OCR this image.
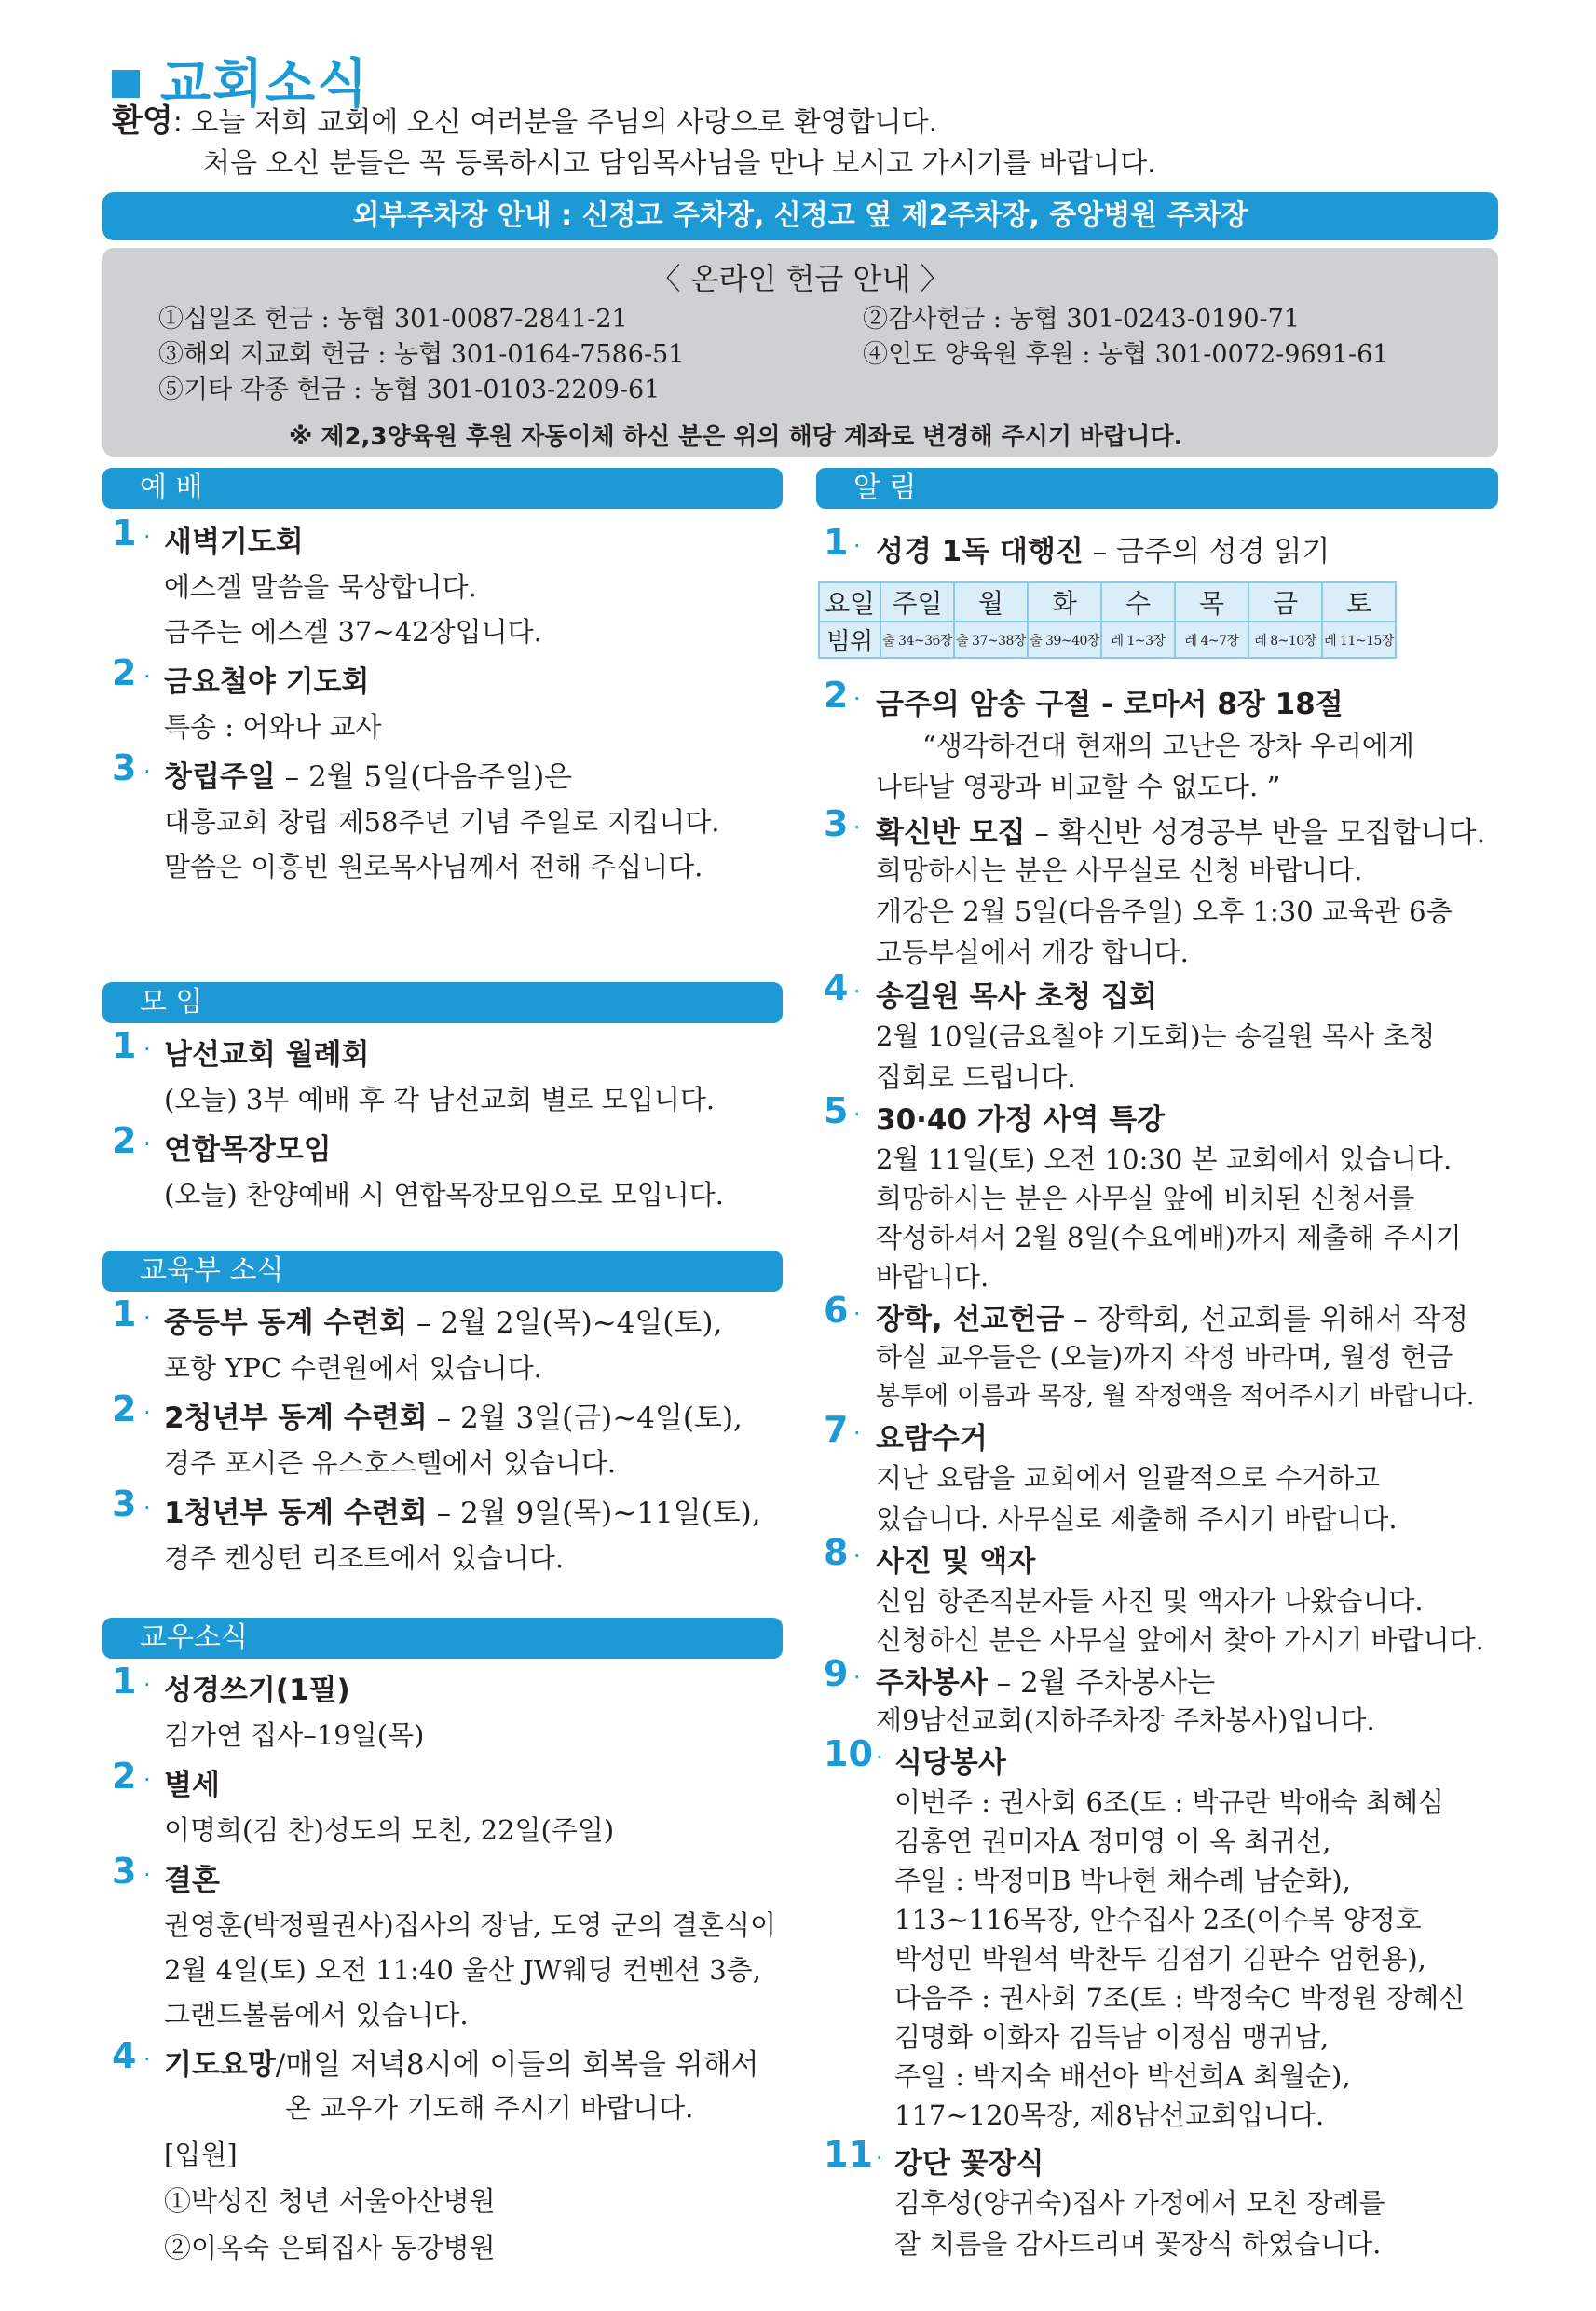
교회소식
환영: 오늘 저희 교회에 오신 여러분을 주님의 사랑으로 환영합니다.
처음 오신 분들은 꼭 등록하시고 담임목사님을 만나 보시고 가시기를 바랍니다.
외부주차장 안내 : 신정고 주차장, 신정고 옆 제2주차장, 중앙병원 주차장
〈 온라인 헌금 안내 〉
①십일조 헌금 : 농협 301-0087-2841-21	②감사헌금 : 농협 301-0243-0190-71
③해외 지교회 헌금 : 농협 301-0164-7586-51	④인도 양육원 후원 : 농협 301-0072-9691-61
⑤기타 각종 헌금 : 농협 301-0103-2209-61
※ 제2,3양육원 후원 자동이체 하신 분은 위의 해당 계좌로 변경해 주시기 바랍니다.
예 배
1 · 새벽기도회
에스겔 말씀을 묵상합니다.
금주는 에스겔 37~42장입니다.
2 · 금요철야 기도회
특송 : 어와나 교사
3 · 창립주일 – 2월 5일(다음주일)은
대흥교회 창립 제58주년 기념 주일로 지킵니다.
말씀은 이흥빈 원로목사님께서 전해 주십니다.
모 임
1 · 남선교회 월례회
(오늘) 3부 예배 후 각 남선교회 별로 모입니다.
2 · 연합목장모임
(오늘) 찬양예배 시 연합목장모임으로 모입니다.
교육부 소식
1 · 중등부 동계 수련회 – 2월 2일(목)~4일(토),
포항 YPC 수련원에서 있습니다.
2 · 2청년부 동계 수련회 – 2월 3일(금)~4일(토),
경주 포시즌 유스호스텔에서 있습니다.
3 · 1청년부 동계 수련회 – 2월 9일(목)~11일(토),
경주 켄싱턴 리조트에서 있습니다.
교우소식
1 · 성경쓰기(1필)
김가연 집사–19일(목)
2 · 별세
이명희(김 찬)성도의 모친, 22일(주일)
3 · 결혼
권영훈(박정필권사)집사의 장남, 도영 군의 결혼식이
2월 4일(토) 오전 11:40 울산 JW웨딩 컨벤션 3층,
그랜드볼룸에서 있습니다.
4 · 기도요망/매일 저녁8시에 이들의 회복을 위해서
온 교우가 기도해 주시기 바랍니다.
[입원]
①박성진 청년 서울아산병원
②이옥숙 은퇴집사 동강병원
알 림
1 · 성경 1독 대행진 – 금주의 성경 읽기
요일	주일	월	화	수	목	금	토
범위	출 34~36장	출 37~38장	출 39~40장	레 1~3장	레 4~7장	레 8~10장	레 11~15장
2 · 금주의 암송 구절 - 로마서 8장 18절
“생각하건대 현재의 고난은 장차 우리에게
나타날 영광과 비교할 수 없도다. ”
3 · 확신반 모집 – 확신반 성경공부 반을 모집합니다.
희망하시는 분은 사무실로 신청 바랍니다.
개강은 2월 5일(다음주일) 오후 1:30 교육관 6층
고등부실에서 개강 합니다.
4 · 송길원 목사 초청 집회
2월 10일(금요철야 기도회)는 송길원 목사 초청
집회로 드립니다.
5 · 30·40 가정 사역 특강
2월 11일(토) 오전 10:30 본 교회에서 있습니다.
희망하시는 분은 사무실 앞에 비치된 신청서를
작성하셔서 2월 8일(수요예배)까지 제출해 주시기
바랍니다.
6 · 장학, 선교헌금 – 장학회, 선교회를 위해서 작정
하실 교우들은 (오늘)까지 작정 바라며, 월정 헌금
봉투에 이름과 목장, 월 작정액을 적어주시기 바랍니다.
7 · 요람수거
지난 요람을 교회에서 일괄적으로 수거하고
있습니다. 사무실로 제출해 주시기 바랍니다.
8 · 사진 및 액자
신임 항존직분자들 사진 및 액자가 나왔습니다.
신청하신 분은 사무실 앞에서 찾아 가시기 바랍니다.
9 · 주차봉사 – 2월 주차봉사는
제9남선교회(지하주차장 주차봉사)입니다.
10 · 식당봉사
이번주 : 권사회 6조(토 : 박규란 박애숙 최혜심
김홍연 권미자A 정미영 이 옥 최귀선,
주일 : 박정미B 박나현 채수례 남순화),
113~116목장, 안수집사 2조(이수복 양정호
박성민 박원석 박찬두 김점기 김판수 엄헌용),
다음주 : 권사회 7조(토 : 박정숙C 박정원 장혜신
김명화 이화자 김득남 이정심 맹귀남,
주일 : 박지숙 배선아 박선희A 최월순),
117~120목장, 제8남선교회입니다.
11 · 강단 꽃장식
김후성(양귀숙)집사 가정에서 모친 장례를
잘 치름을 감사드리며 꽃장식 하였습니다.
